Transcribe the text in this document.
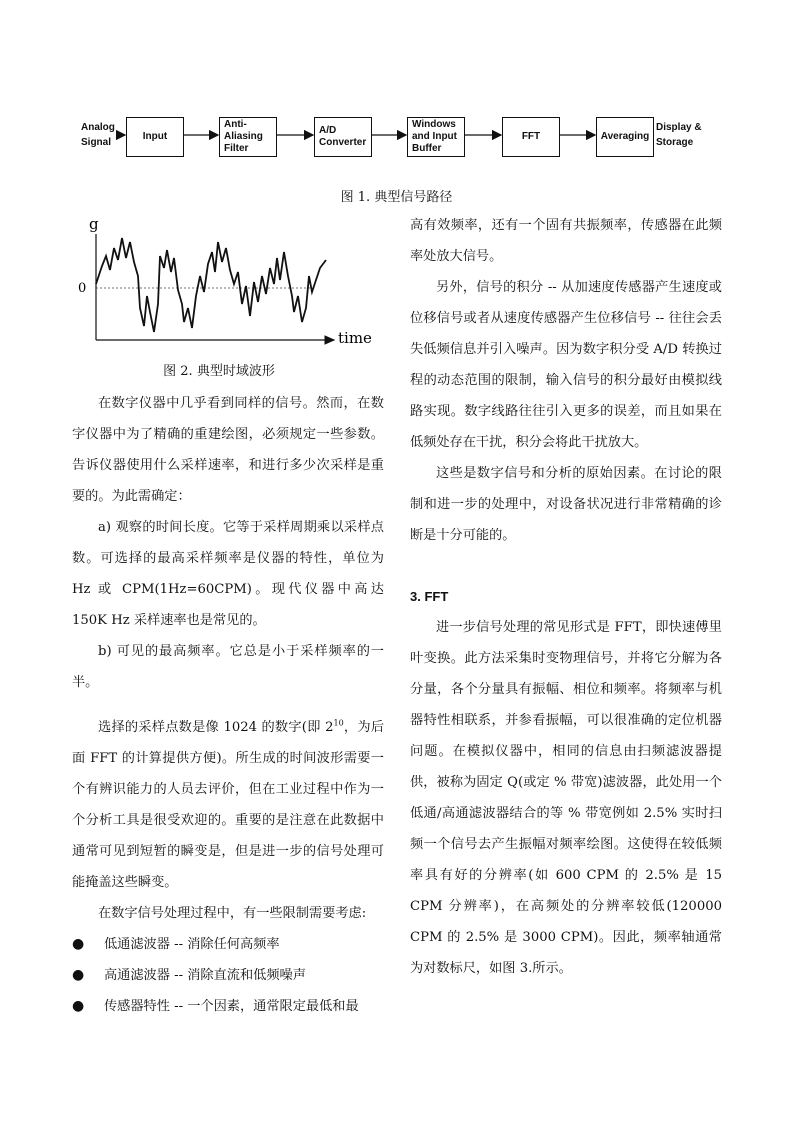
Analog
Signal
Input
Anti-
Aliasing
Filter
A/D
Converter
Windows
and Input
Buffer
FFT	Averaging
Display &
Storage
图 1. 典型信号路径
g
0
time
图 2. 典型时域波形

在数字仪器中几乎看到同样的信号。然而，在数字仪器中为了精确的重建绘图，必须规定一些参数。告诉仪器使用什么采样速率，和进行多少次采样是重要的。为此需确定：

a) 观察的时间长度。它等于采样周期乘以采样点数。可选择的最高采样频率是仪器的特性，单位为 Hz 或 CPM(1Hz=60CPM)。现代仪器中高达 150K Hz 采样速率也是常见的。

b) 可见的最高频率。它总是小于采样频率的一半。

选择的采样点数是像 1024 的数字(即 $2^{10}$，为后面 FFT 的计算提供方便)。所生成的时间波形需要一个有辨识能力的人员去评价，但在工业过程中作为一个分析工具是很受欢迎的。重要的是注意在此数据中通常可见到短暂的瞬变是，但是进一步的信号处理可能掩盖这些瞬变。

在数字信号处理过程中，有一些限制需要考虑:

● 低通滤波器 -- 消除任何高频率

● 高通滤波器 -- 消除直流和低频噪声

● 传感器特性 -- 一个因素，通常限定最低和最

高有效频率，还有一个固有共振频率，传感器在此频率处放大信号。

另外，信号的积分 -- 从加速度传感器产生速度或位移信号或者从速度传感器产生位移信号 -- 往往会丢失低频信息并引入噪声。因为数字积分受 A/D 转换过程的动态范围的限制，输入信号的积分最好由模拟线路实现。数字线路往往引入更多的误差，而且如果在低频处存在干扰，积分会将此干扰放大。

这些是数字信号和分析的原始因素。在讨论的限制和进一步的处理中，对设备状况进行非常精确的诊断是十分可能的。

3. FFT

进一步信号处理的常见形式是 FFT，即快速傅里叶变换。此方法采集时变物理信号，并将它分解为各分量，各个分量具有振幅、相位和频率。将频率与机器特性相联系，并参看振幅，可以很准确的定位机器问题。在模拟仪器中，相同的信息由扫频滤波器提供，被称为固定 Q(或定 % 带宽)滤波器，此处用一个低通/高通滤波器结合的等 % 带宽例如 2.5% 实时扫频一个信号去产生振幅对频率绘图。这使得在较低频率具有好的分辨率(如 600 CPM 的 2.5% 是 15 CPM 分辨率)，在高频处的分辨率较低(120000 CPM 的 2.5% 是 3000 CPM)。因此，频率轴通常为对数标尺，如图 3.所示。
